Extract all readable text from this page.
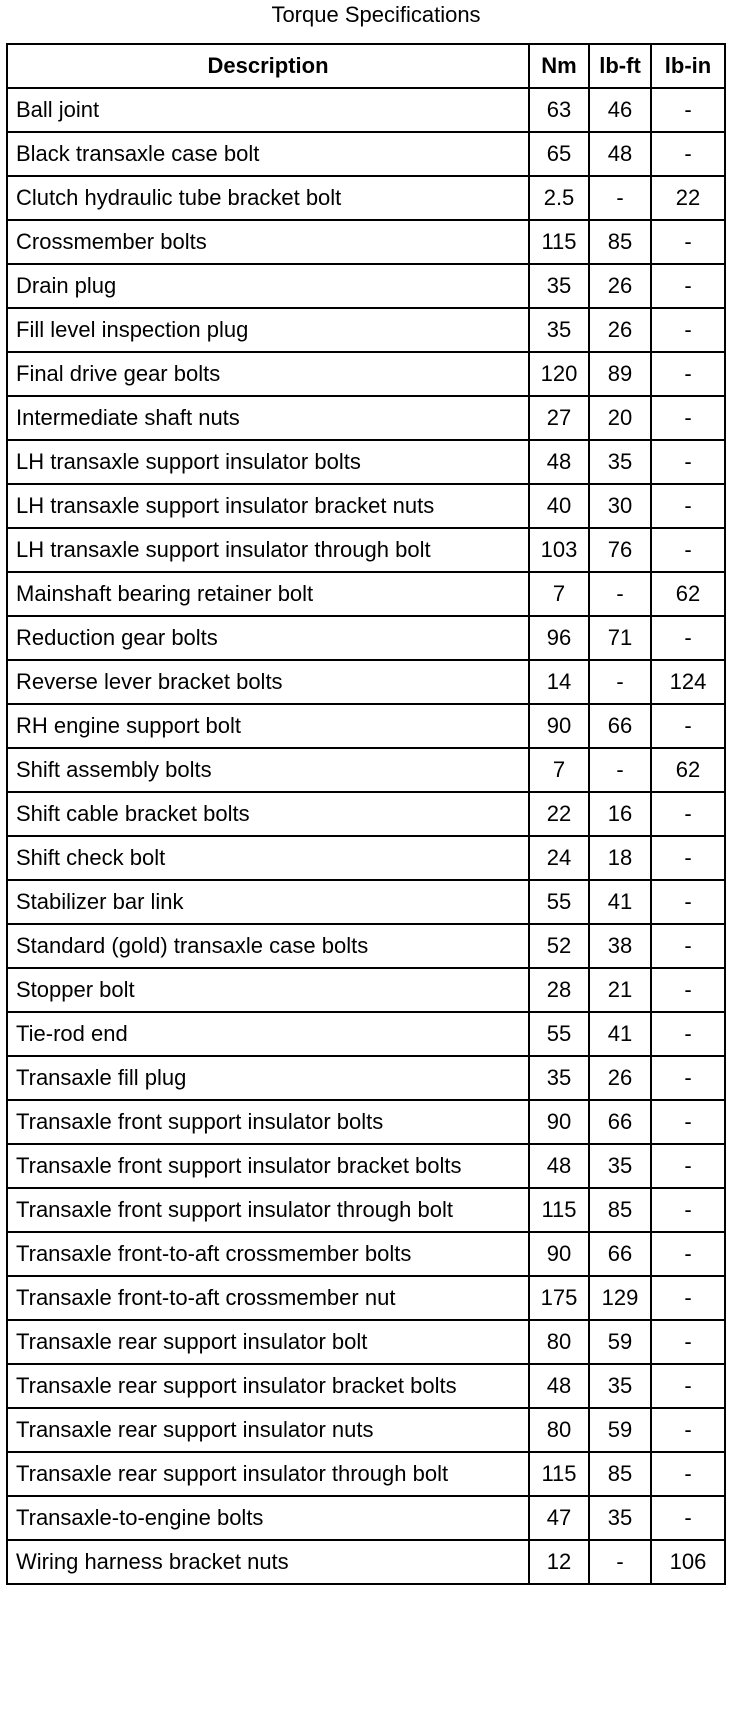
Torque Specifications
Description	Nm	lb-ft	lb-in
Ball joint	63	46	-
Black transaxle case bolt	65	48	-
Clutch hydraulic tube bracket bolt	2.5	-	22
Crossmember bolts	115	85	-
Drain plug	35	26	-
Fill level inspection plug	35	26	-
Final drive gear bolts	120	89	-
Intermediate shaft nuts	27	20	-
LH transaxle support insulator bolts	48	35	-
LH transaxle support insulator bracket nuts	40	30	-
LH transaxle support insulator through bolt	103	76	-
Mainshaft bearing retainer bolt	7	-	62
Reduction gear bolts	96	71	-
Reverse lever bracket bolts	14	-	124
RH engine support bolt	90	66	-
Shift assembly bolts	7	-	62
Shift cable bracket bolts	22	16	-
Shift check bolt	24	18	-
Stabilizer bar link	55	41	-
Standard (gold) transaxle case bolts	52	38	-
Stopper bolt	28	21	-
Tie-rod end	55	41	-
Transaxle fill plug	35	26	-
Transaxle front support insulator bolts	90	66	-
Transaxle front support insulator bracket bolts	48	35	-
Transaxle front support insulator through bolt	115	85	-
Transaxle front-to-aft crossmember bolts	90	66	-
Transaxle front-to-aft crossmember nut	175	129	-
Transaxle rear support insulator bolt	80	59	-
Transaxle rear support insulator bracket bolts	48	35	-
Transaxle rear support insulator nuts	80	59	-
Transaxle rear support insulator through bolt	115	85	-
Transaxle-to-engine bolts	47	35	-
Wiring harness bracket nuts	12	-	106
